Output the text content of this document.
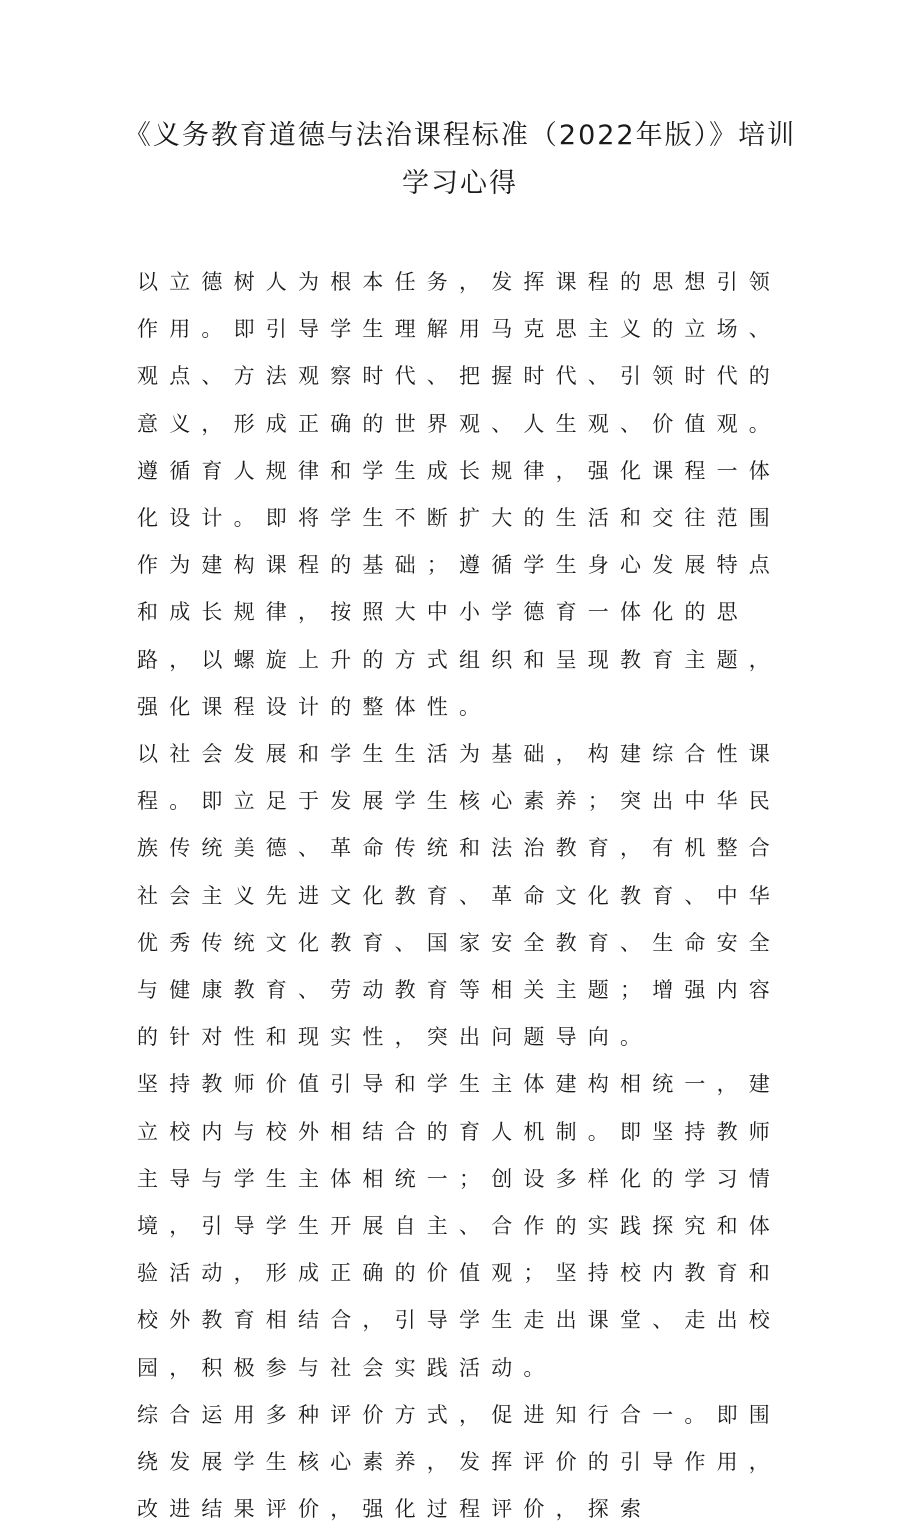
《义务教育道德与法治课程标准（2022年版）》培训
学习心得

以立德树人为根本任务，发挥课程的思想引领作用。即引导学生理解用马克思主义的立场、观点、方法观察时代、把握时代、引领时代的意义，形成正确的世界观、人生观、价值观。

遵循育人规律和学生成长规律，强化课程一体化设计。即将学生不断扩大的生活和交往范围作为建构课程的基础；遵循学生身心发展特点和成长规律，按照大中小学德育一体化的思路，以螺旋上升的方式组织和呈现教育主题，强化课程设计的整体性。

以社会发展和学生生活为基础，构建综合性课程。即立足于发展学生核心素养；突出中华民族传统美德、革命传统和法治教育，有机整合社会主义先进文化教育、革命文化教育、中华优秀传统文化教育、国家安全教育、生命安全与健康教育、劳动教育等相关主题；增强内容的针对性和现实性，突出问题导向。

坚持教师价值引导和学生主体建构相统一，建立校内与校外相结合的育人机制。即坚持教师主导与学生主体相统一；创设多样化的学习情境，引导学生开展自主、合作的实践探究和体验活动，形成正确的价值观；坚持校内教育和校外教育相结合，引导学生走出课堂、走出校园，积极参与社会实践活动。

综合运用多种评价方式，促进知行合一。即围绕发展学生核心素养，发挥评价的引导作用，改进结果评价，强化过程评价，探索
